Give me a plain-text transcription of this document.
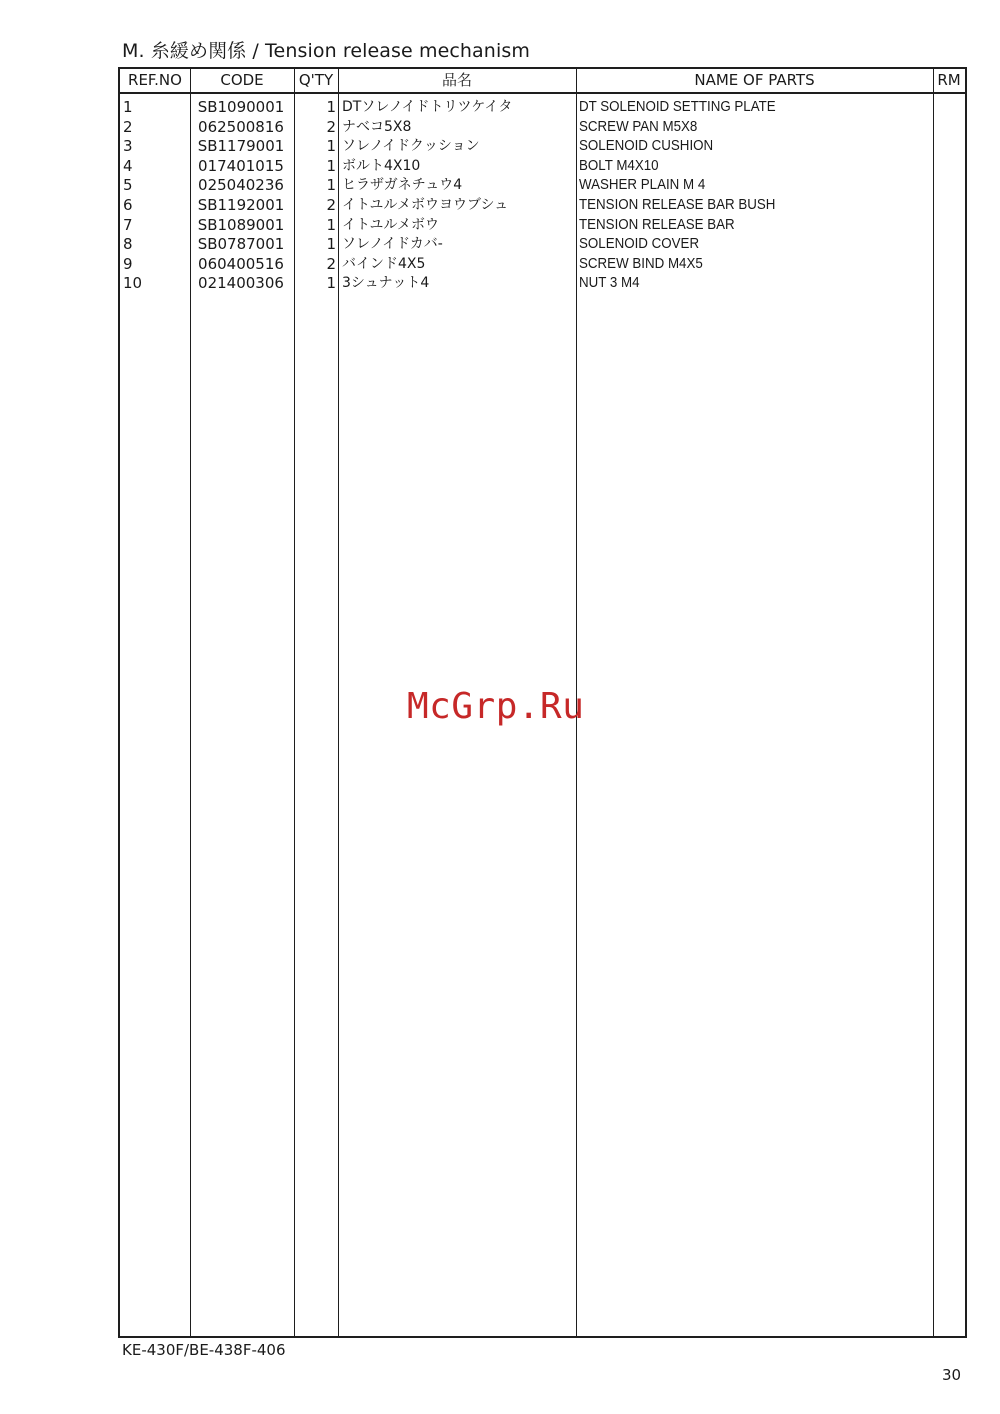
M. 糸緩め関係 / Tension release mechanism
REF.NO	CODE	Q'TY	品名	NAME OF PARTS	RM
1	SB1090001	1 DTソレノイドトリツケイタ	DT SOLENOID SETTING PLATE
2	062500816	2 ナベコ5X8	SCREW PAN M5X8
3	SB1179001	1 ソレノイドクッション	SOLENOID CUSHION
4	017401015	1 ボルト4X10	BOLT M4X10
5	025040236	1 ヒラザガネチュウ4	WASHER PLAIN M 4
6	SB1192001	2 イトユルメボウヨウブシュ	TENSION RELEASE BAR BUSH
7	SB1089001	1 イトユルメボウ	TENSION RELEASE BAR
8	SB0787001	1 ソレノイドカバ-	SOLENOID COVER
9	060400516	2 バインド4X5	SCREW BIND M4X5
10	021400306	1 3シュナット4	NUT 3 M4
McGrp.Ru
KE-430F/BE-438F-406
30
